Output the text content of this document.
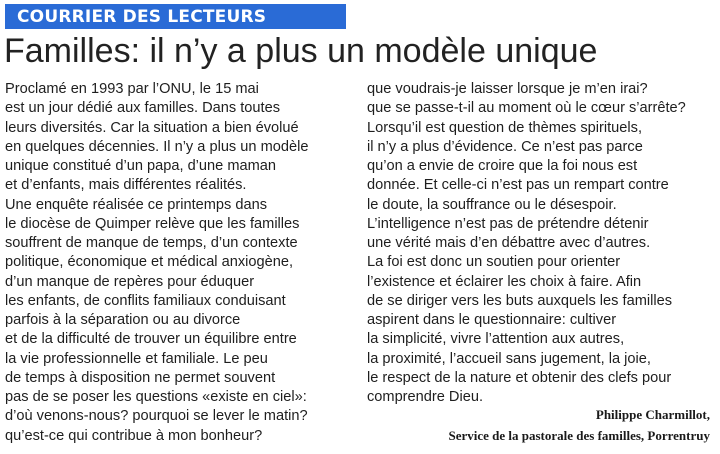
COURRIER DES LECTEURS
Familles: il n’y a plus un modèle unique
Proclamé en 1993 par l’ONU, le 15 mai
est un jour dédié aux familles. Dans toutes
leurs diversités. Car la situation a bien évolué
en quelques décennies. Il n’y a plus un modèle
unique constitué d’un papa, d’une maman
et d’enfants, mais différentes réalités.
Une enquête réalisée ce printemps dans
le diocèse de Quimper relève que les familles
souffrent de manque de temps, d’un contexte
politique, économique et médical anxiogène,
d’un manque de repères pour éduquer
les enfants, de conflits familiaux conduisant
parfois à la séparation ou au divorce
et de la difficulté de trouver un équilibre entre
la vie professionnelle et familiale. Le peu
de temps à disposition ne permet souvent
pas de se poser les questions «existe en ciel»:
d’où venons-nous? pourquoi se lever le matin?
qu’est-ce qui contribue à mon bonheur?
que voudrais-je laisser lorsque je m’en irai?
que se passe-t-il au moment où le cœur s’arrête?
Lorsqu’il est question de thèmes spirituels,
il n’y a plus d’évidence. Ce n’est pas parce
qu’on a envie de croire que la foi nous est
donnée. Et celle-ci n’est pas un rempart contre
le doute, la souffrance ou le désespoir.
L’intelligence n’est pas de prétendre détenir
une vérité mais d’en débattre avec d’autres.
La foi est donc un soutien pour orienter
l’existence et éclairer les choix à faire. Afin
de se diriger vers les buts auxquels les familles
aspirent dans le questionnaire: cultiver
la simplicité, vivre l’attention aux autres,
la proximité, l’accueil sans jugement, la joie,
le respect de la nature et obtenir des clefs pour
comprendre Dieu.
Philippe Charmillot,
Service de la pastorale des familles, Porrentruy
